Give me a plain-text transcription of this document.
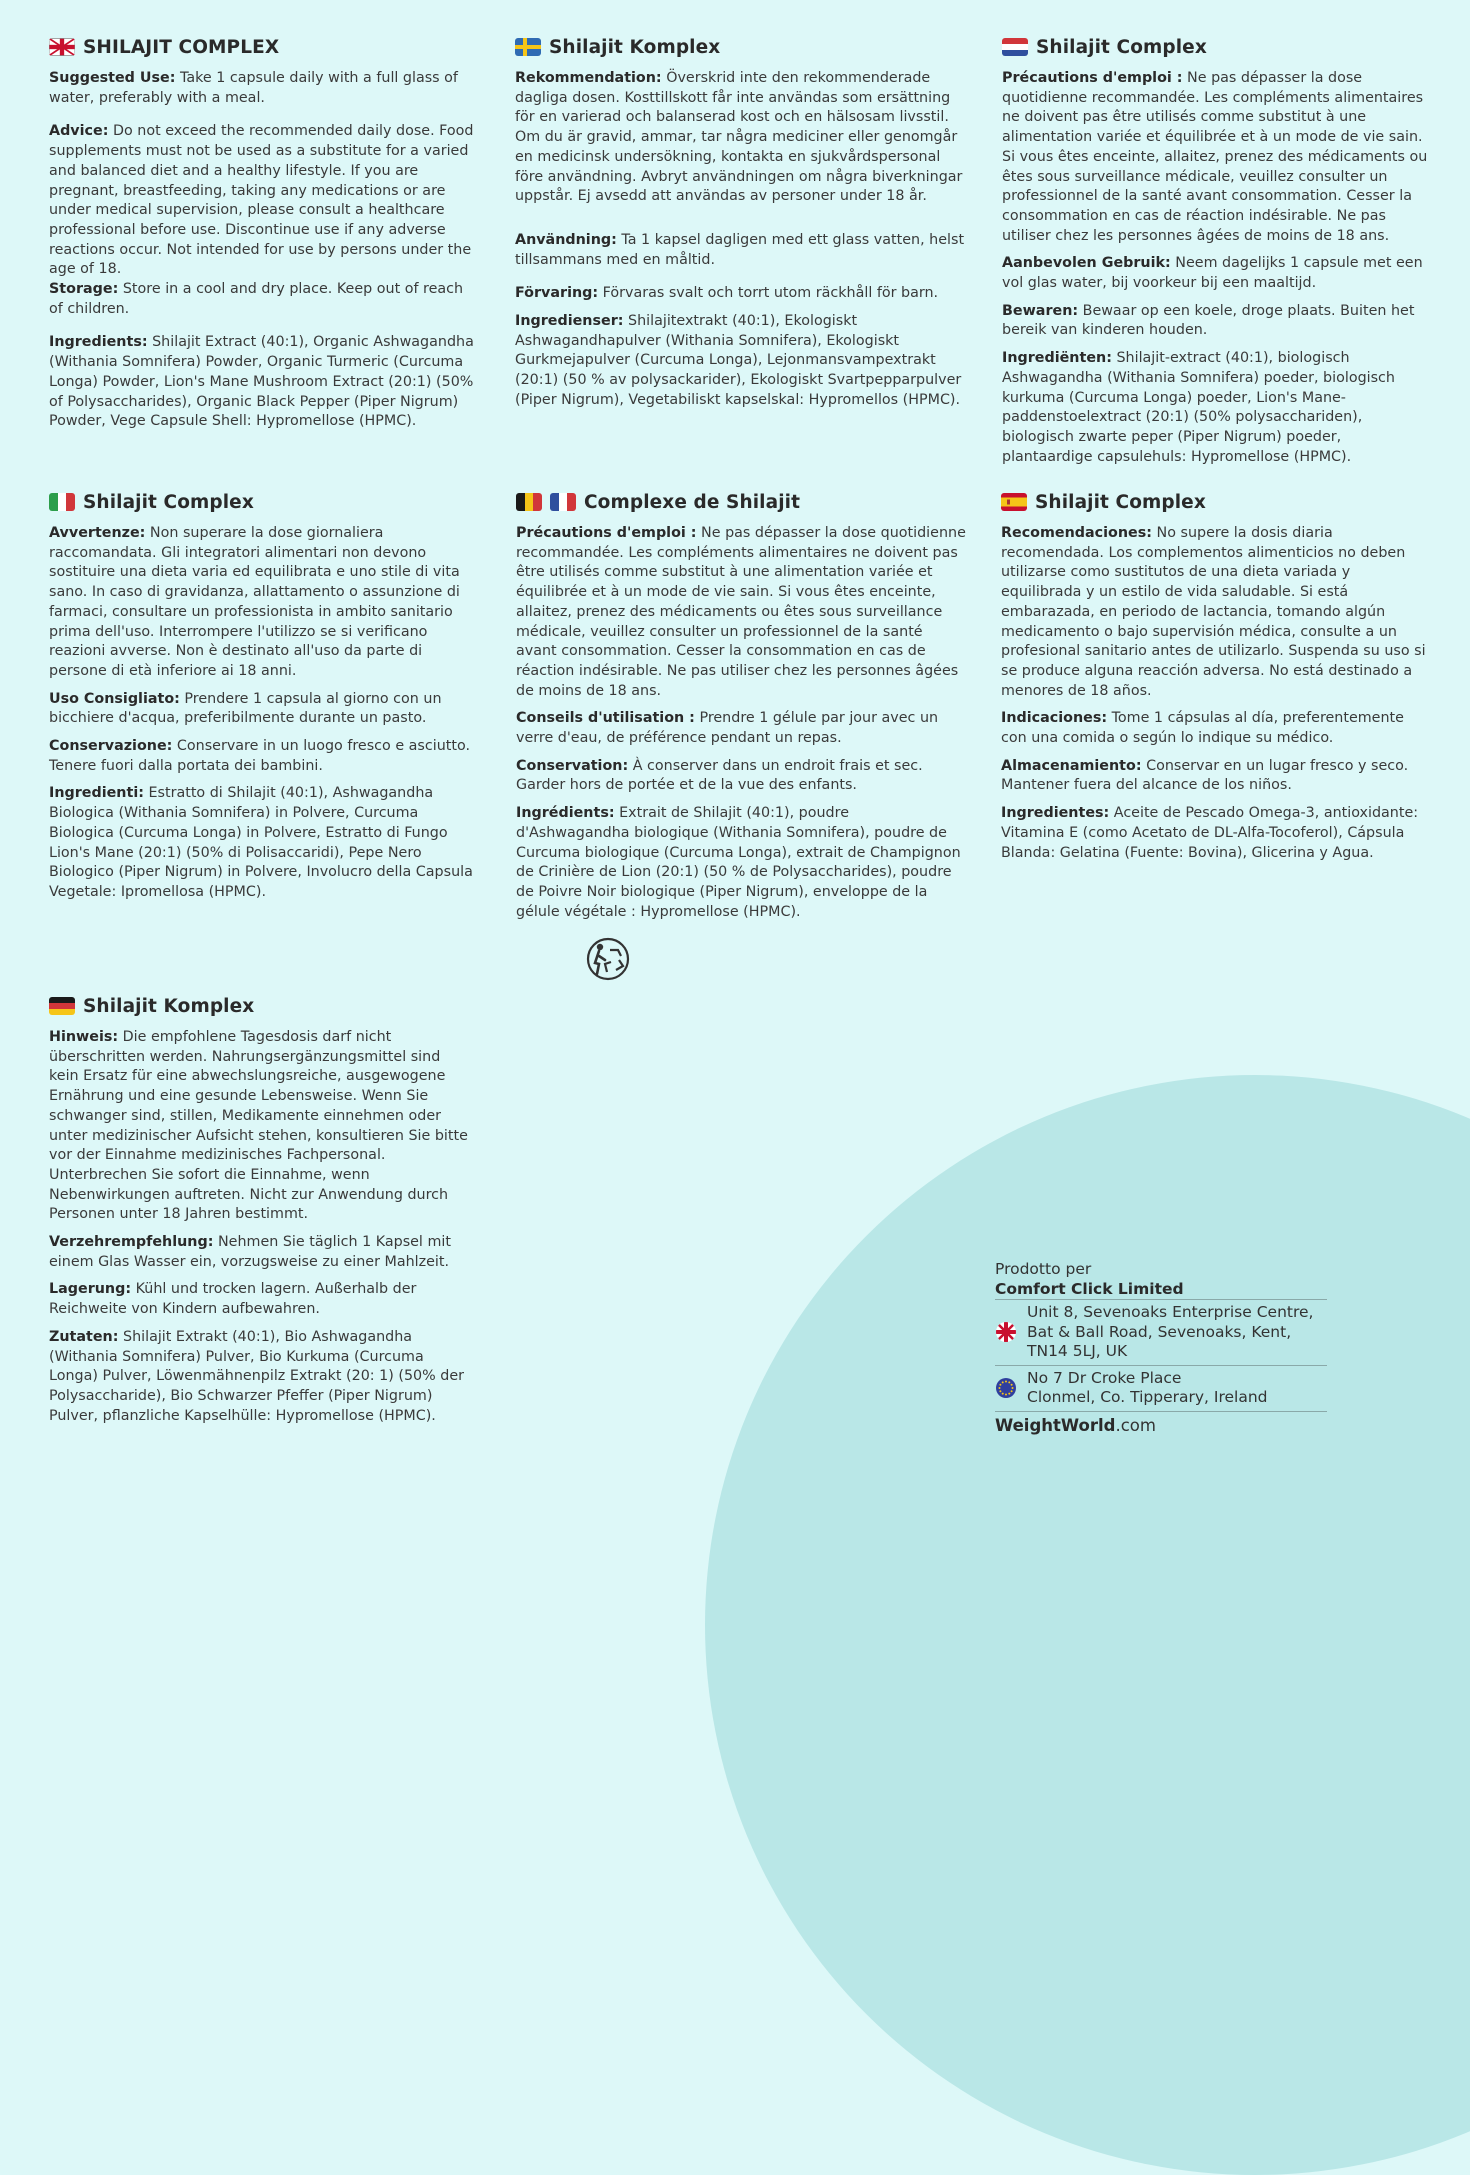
SHILAJIT COMPLEX

Suggested Use: Take 1 capsule daily with a full glass of water, preferably with a meal.

Advice: Do not exceed the recommended daily dose. Food supplements must not be used as a substitute for a varied and balanced diet and a healthy lifestyle. If you are pregnant, breastfeeding, taking any medications or are under medical supervision, please consult a healthcare professional before use. Discontinue use if any adverse reactions occur. Not intended for use by persons under the age of 18.

Storage: Store in a cool and dry place. Keep out of reach of children.

Ingredients: Shilajit Extract (40:1), Organic Ashwagandha (Withania Somnifera) Powder, Organic Turmeric (Curcuma Longa) Powder, Lion's Mane Mushroom Extract (20:1) (50% of Polysaccharides), Organic Black Pepper (Piper Nigrum) Powder, Vege Capsule Shell: Hypromellose (HPMC).

Shilajit Komplex

Rekommendation: Överskrid inte den rekommenderade dagliga dosen. Kosttillskott får inte användas som ersättning för en varierad och balanserad kost och en hälsosam livsstil. Om du är gravid, ammar, tar några mediciner eller genomgår en medicinsk undersökning, kontakta en sjukvårdspersonal före användning. Avbryt användningen om några biverkningar uppstår. Ej avsedd att användas av personer under 18 år.

Användning: Ta 1 kapsel dagligen med ett glass vatten, helst tillsammans med en måltid.

Förvaring: Förvaras svalt och torrt utom räckhåll för barn.

Ingredienser: Shilajitextrakt (40:1), Ekologiskt Ashwagandhapulver (Withania Somnifera), Ekologiskt Gurkmejapulver (Curcuma Longa), Lejonmansvampextrakt (20:1) (50 % av polysackarider), Ekologiskt Svartpepparpulver (Piper Nigrum), Vegetabiliskt kapselskal: Hypromellos (HPMC).

Shilajit Complex

Précautions d'emploi : Ne pas dépasser la dose quotidienne recommandée. Les compléments alimentaires ne doivent pas être utilisés comme substitut à une alimentation variée et équilibrée et à un mode de vie sain. Si vous êtes enceinte, allaitez, prenez des médicaments ou êtes sous surveillance médicale, veuillez consulter un professionnel de la santé avant consommation. Cesser la consommation en cas de réaction indésirable. Ne pas utiliser chez les personnes âgées de moins de 18 ans.

Aanbevolen Gebruik: Neem dagelijks 1 capsule met een vol glas water, bij voorkeur bij een maaltijd.

Bewaren: Bewaar op een koele, droge plaats. Buiten het bereik van kinderen houden.

Ingrediënten: Shilajit-extract (40:1), biologisch Ashwagandha (Withania Somnifera) poeder, biologisch kurkuma (Curcuma Longa) poeder, Lion's Mane-paddenstoelextract (20:1) (50% polysacchariden), biologisch zwarte peper (Piper Nigrum) poeder, plantaardige capsulehuls: Hypromellose (HPMC).

Shilajit Complex

Avvertenze: Non superare la dose giornaliera raccomandata. Gli integratori alimentari non devono sostituire una dieta varia ed equilibrata e uno stile di vita sano. In caso di gravidanza, allattamento o assunzione di farmaci, consultare un professionista in ambito sanitario prima dell'uso. Interrompere l'utilizzo se si verificano reazioni avverse. Non è destinato all'uso da parte di persone di età inferiore ai 18 anni.

Uso Consigliato: Prendere 1 capsula al giorno con un bicchiere d'acqua, preferibilmente durante un pasto.

Conservazione: Conservare in un luogo fresco e asciutto. Tenere fuori dalla portata dei bambini.

Ingredienti: Estratto di Shilajit (40:1), Ashwagandha Biologica (Withania Somnifera) in Polvere, Curcuma Biologica (Curcuma Longa) in Polvere, Estratto di Fungo Lion's Mane (20:1) (50% di Polisaccaridi), Pepe Nero Biologico (Piper Nigrum) in Polvere, Involucro della Capsula Vegetale: Ipromellosa (HPMC).

Complexe de Shilajit

Précautions d'emploi : Ne pas dépasser la dose quotidienne recommandée. Les compléments alimentaires ne doivent pas être utilisés comme substitut à une alimentation variée et équilibrée et à un mode de vie sain. Si vous êtes enceinte, allaitez, prenez des médicaments ou êtes sous surveillance médicale, veuillez consulter un professionnel de la santé avant consommation. Cesser la consommation en cas de réaction indésirable. Ne pas utiliser chez les personnes âgées de moins de 18 ans.

Conseils d'utilisation : Prendre 1 gélule par jour avec un verre d'eau, de préférence pendant un repas.

Conservation: À conserver dans un endroit frais et sec. Garder hors de portée et de la vue des enfants.

Ingrédients: Extrait de Shilajit (40:1), poudre d'Ashwagandha biologique (Withania Somnifera), poudre de Curcuma biologique (Curcuma Longa), extrait de Champignon de Crinière de Lion (20:1) (50 % de Polysaccharides), poudre de Poivre Noir biologique (Piper Nigrum), enveloppe de la gélule végétale : Hypromellose (HPMC).

Shilajit Complex

Recomendaciones: No supere la dosis diaria recomendada. Los complementos alimenticios no deben utilizarse como sustitutos de una dieta variada y equilibrada y un estilo de vida saludable. Si está embarazada, en periodo de lactancia, tomando algún medicamento o bajo supervisión médica, consulte a un profesional sanitario antes de utilizarlo. Suspenda su uso si se produce alguna reacción adversa. No está destinado a menores de 18 años.

Indicaciones: Tome 1 cápsulas al día, preferentemente con una comida o según lo indique su médico.

Almacenamiento: Conservar en un lugar fresco y seco. Mantener fuera del alcance de los niños.

Ingredientes: Aceite de Pescado Omega-3, antioxidante: Vitamina E (como Acetato de DL-Alfa-Tocoferol), Cápsula Blanda: Gelatina (Fuente: Bovina), Glicerina y Agua.

Shilajit Komplex

Hinweis: Die empfohlene Tagesdosis darf nicht überschritten werden. Nahrungsergänzungsmittel sind kein Ersatz für eine abwechslungsreiche, ausgewogene Ernährung und eine gesunde Lebensweise. Wenn Sie schwanger sind, stillen, Medikamente einnehmen oder unter medizinischer Aufsicht stehen, konsultieren Sie bitte vor der Einnahme medizinisches Fachpersonal. Unterbrechen Sie sofort die Einnahme, wenn Nebenwirkungen auftreten. Nicht zur Anwendung durch Personen unter 18 Jahren bestimmt.

Verzehrempfehlung: Nehmen Sie täglich 1 Kapsel mit einem Glas Wasser ein, vorzugsweise zu einer Mahlzeit.

Lagerung: Kühl und trocken lagern. Außerhalb der Reichweite von Kindern aufbewahren.

Zutaten: Shilajit Extrakt (40:1), Bio Ashwagandha (Withania Somnifera) Pulver, Bio Kurkuma (Curcuma Longa) Pulver, Löwenmähnenpilz Extrakt (20: 1) (50% der Polysaccharide), Bio Schwarzer Pfeffer (Piper Nigrum) Pulver, pflanzliche Kapselhülle: Hypromellose (HPMC).

Prodotto per
Comfort Click Limited
Unit 8, Sevenoaks Enterprise Centre,
Bat & Ball Road, Sevenoaks, Kent,
TN14 5LJ, UK
No 7 Dr Croke Place
Clonmel, Co. Tipperary, Ireland
WeightWorld.com
